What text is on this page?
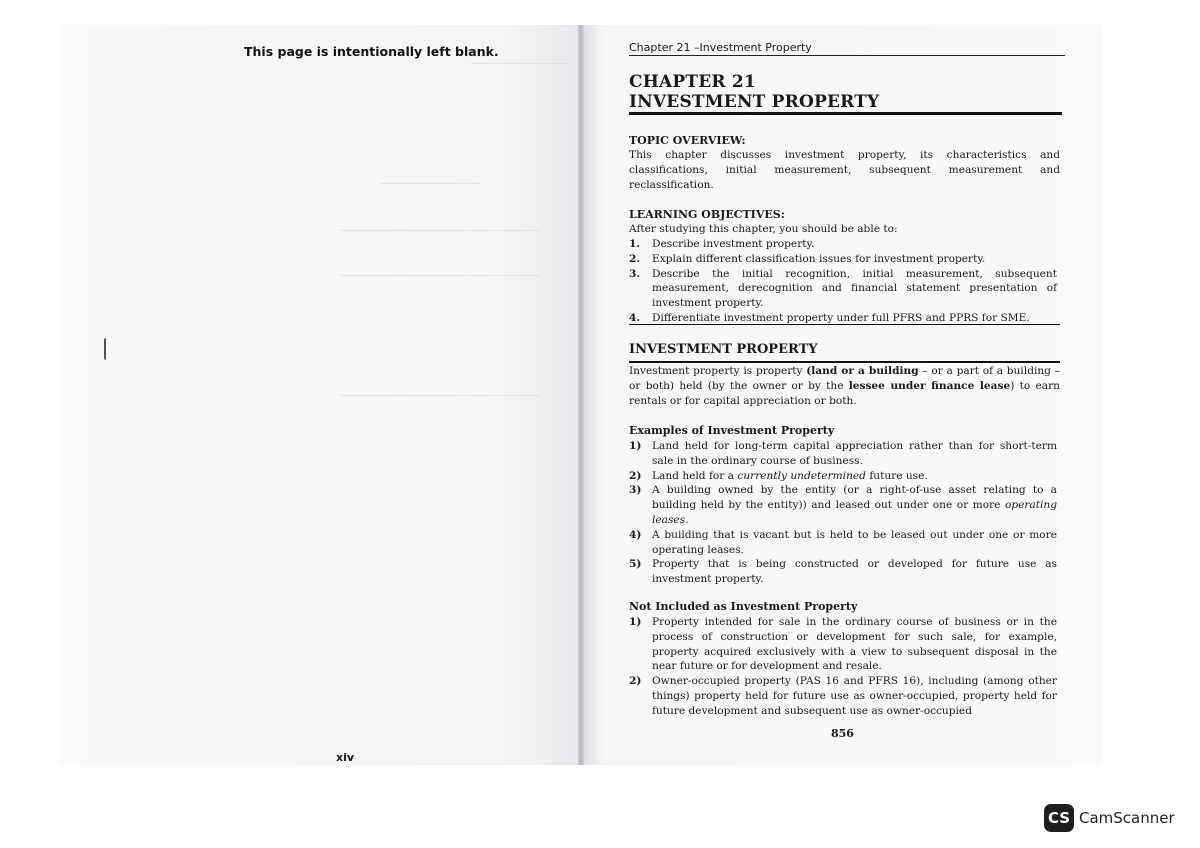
——————————
——————————
————————————————————
————————————————————
————————————————————
This page is intentionally left blank.
xiv
Chapter 21 –Investment Property
CHAPTER 21
INVESTMENT PROPERTY
TOPIC OVERVIEW:
This chapter discusses investment property, its characteristics and classifications, initial measurement, subsequent measurement and reclassification.
LEARNING OBJECTIVES:
After studying this chapter, you should be able to:
1. Describe investment property.
2. Explain different classification issues for investment property.
3. Describe the initial recognition, initial measurement, subsequent measurement, derecognition and financial statement presentation of investment property.
4. Differentiate investment property under full PFRS and PPRS for SME.
INVESTMENT PROPERTY
Investment property is property (land or a building – or a part of a building – or both) held (by the owner or by the lessee under finance lease) to earn rentals or for capital appreciation or both.
Examples of Investment Property
1) Land held for long-term capital appreciation rather than for short-term sale in the ordinary course of business.
2) Land held for a currently undetermined future use.
3) A building owned by the entity (or a right-of-use asset relating to a building held by the entity)) and leased out under one or more operating leases.
4) A building that is vacant but is held to be leased out under one or more operating leases.
5) Property that is being constructed or developed for future use as investment property.
Not Included as Investment Property
1) Property intended for sale in the ordinary course of business or in the process of construction or development for such sale, for example, property acquired exclusively with a view to subsequent disposal in the near future or for development and resale.
2) Owner-occupied property (PAS 16 and PFRS 16), including (among other things) property held for future use as owner-occupied, property held for future development and subsequent use as owner-occupied
856
CS CamScanner
